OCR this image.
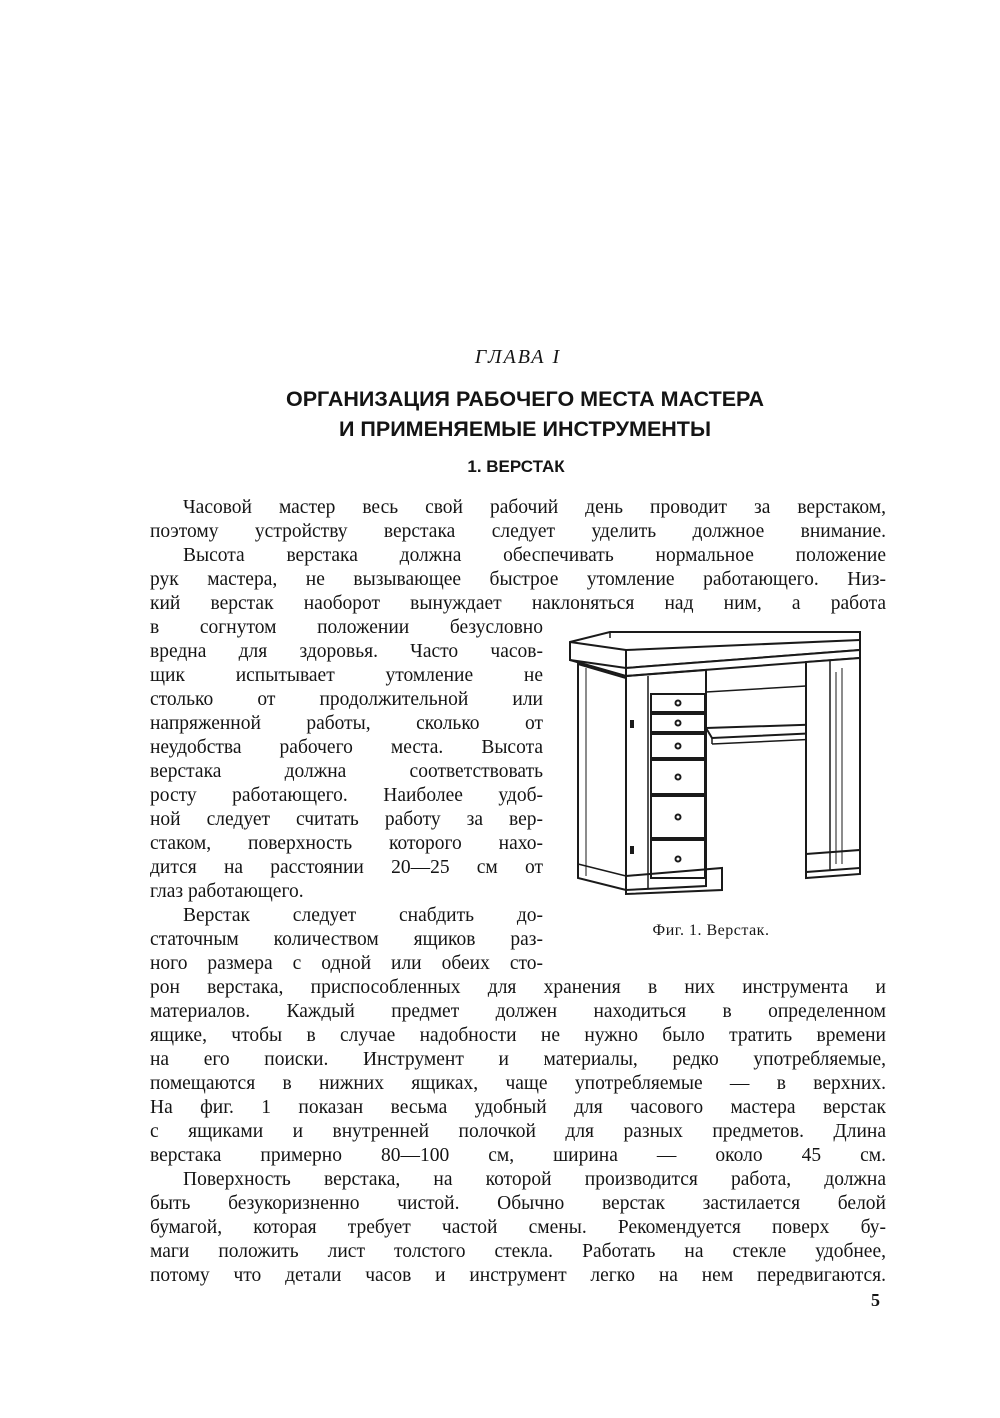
ГЛАВА I
ОРГАНИЗАЦИЯ РАБОЧЕГО МЕСТА МАСТЕРА
И ПРИМЕНЯЕМЫЕ ИНСТРУМЕНТЫ
1. ВЕРСТАК
Часовой мастер весь свой рабочий день проводит за верстаком,
поэтому устройству верстака следует уделить должное внимание.
Высота верстака должна обеспечивать нормальное положение
рук мастера, не вызывающее быстрое утомление работающего. Низ-
кий верстак наоборот вынуждает наклоняться над ним, а работа
в согнутом положении безусловно
вредна для здоровья. Часто часов-
щик испытывает утомление не
столько от продолжительной или
напряженной работы, сколько от
неудобства рабочего места. Высота
верстака должна соответствовать
росту работающего. Наиболее удоб-
ной следует считать работу за вер-
стаком, поверхность которого нахо-
дится на расстоянии 20—25 см от
глаз работающего.
Верстак следует снабдить до-
статочным количеством ящиков раз-
ного размера с одной или обеих сто-
рон верстака, приспособленных для хранения в них инструмента и
материалов. Каждый предмет должен находиться в определенном
ящике, чтобы в случае надобности не нужно было тратить времени
на его поиски. Инструмент и материалы, редко употребляемые,
помещаются в нижних ящиках, чаще употребляемые — в верхних.
На фиг. 1 показан весьма удобный для часового мастера верстак
с ящиками и внутренней полочкой для разных предметов. Длина
верстака примерно 80—100 см, ширина — около 45 см.
Поверхность верстака, на которой производится работа, должна
быть безукоризненно чистой. Обычно верстак застилается белой
бумагой, которая требует частой смены. Рекомендуется поверх бу-
маги положить лист толстого стекла. Работать на стекле удобнее,
потому что детали часов и инструмент легко на нем передвигаются.
Фиг. 1. Верстак.
5
